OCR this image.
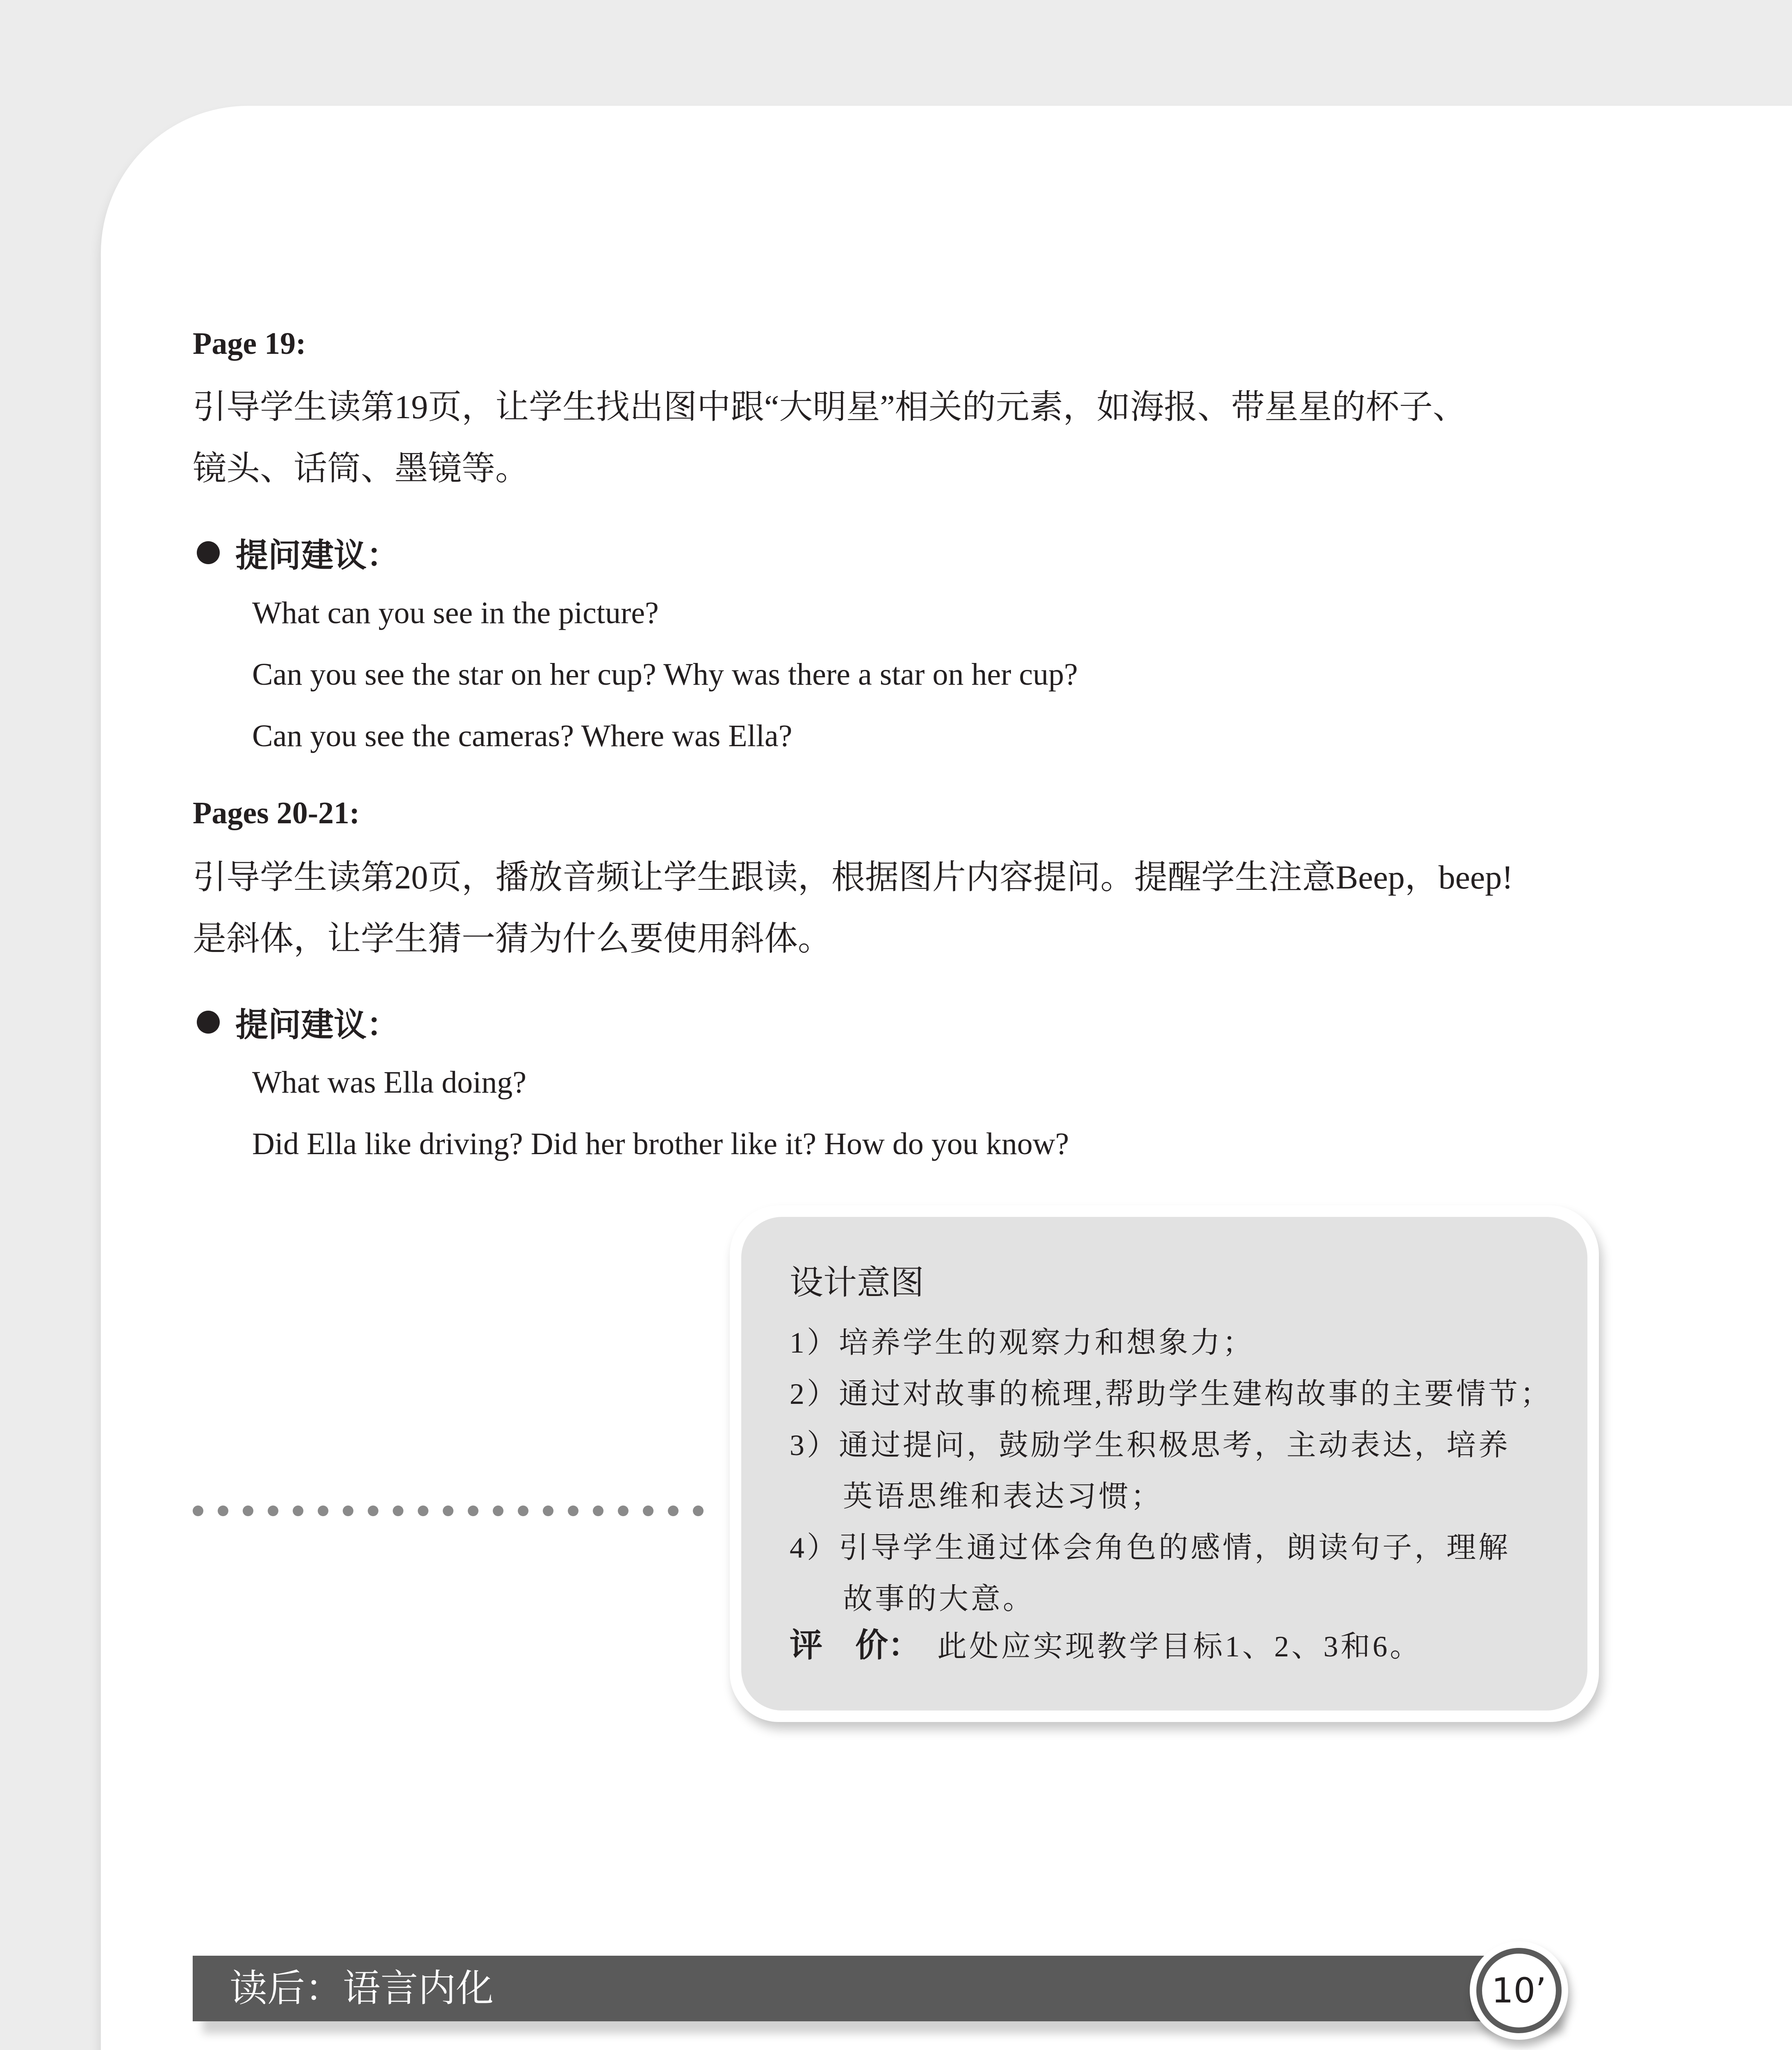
Page 19:
引导学生读第19页，让学生找出图中跟“大明星”相关的元素，如海报、带星星的杯子、
镜头、话筒、墨镜等。
提问建议：
What can you see in the picture?
Can you see the star on her cup? Why was there a star on her cup?
Can you see the cameras? Where was Ella?
Pages 20-21:
引导学生读第20页，播放音频让学生跟读，根据图片内容提问。提醒学生注意Beep，beep!
是斜体，让学生猜一猜为什么要使用斜体。
提问建议：
What was Ella doing?
Did Ella like driving? Did her brother like it? How do you know?
设计意图
1）培养学生的观察力和想象力；
2）通过对故事的梳理,帮助学生建构故事的主要情节；
3）通过提问，鼓励学生积极思考，主动表达，培养
英语思维和表达习惯；
4）引导学生通过体会角色的感情，朗读句子，理解
故事的大意。
评　价： 此处应实现教学目标1、2、3和6。
读后：语言内化	10’
